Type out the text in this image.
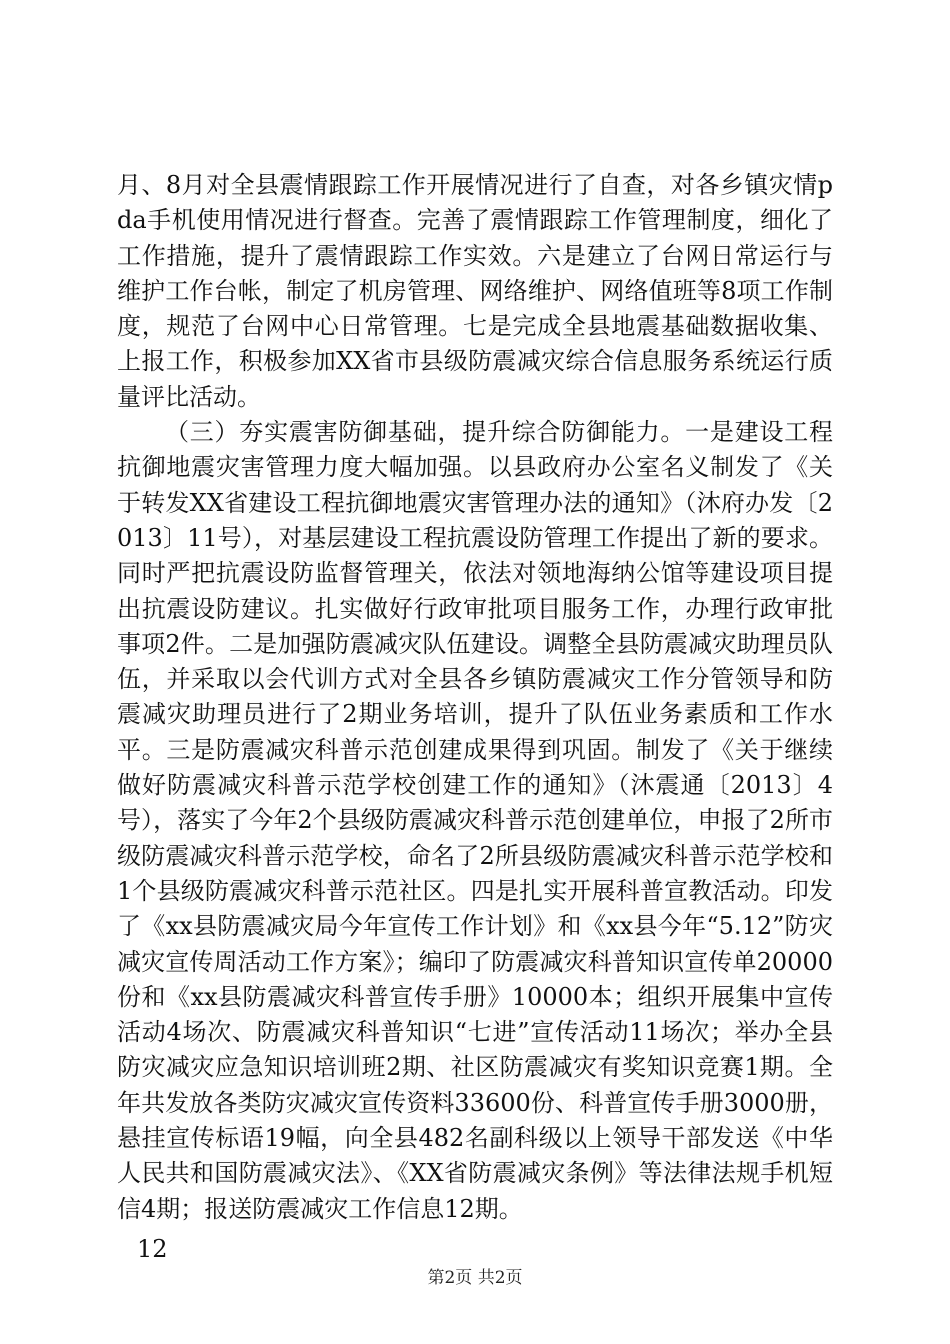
月、8月对全县震情跟踪工作开展情况进行了自查，对各乡镇灾情pda手机使用情况进行督查。完善了震情跟踪工作管理制度，细化了工作措施，提升了震情跟踪工作实效。六是建立了台网日常运行与维护工作台帐，制定了机房管理、网络维护、网络值班等8项工作制度，规范了台网中心日常管理。七是完成全县地震基础数据收集、上报工作，积极参加XX省市县级防震减灾综合信息服务系统运行质量评比活动。

（三）夯实震害防御基础，提升综合防御能力。一是建设工程抗御地震灾害管理力度大幅加强。以县政府办公室名义制发了《关于转发XX省建设工程抗御地震灾害管理办法的通知》（沐府办发〔2013〕11号），对基层建设工程抗震设防管理工作提出了新的要求。同时严把抗震设防监督管理关，依法对领地海纳公馆等建设项目提出抗震设防建议。扎实做好行政审批项目服务工作，办理行政审批事项2件。二是加强防震减灾队伍建设。调整全县防震减灾助理员队伍，并采取以会代训方式对全县各乡镇防震减灾工作分管领导和防震减灾助理员进行了2期业务培训，提升了队伍业务素质和工作水平。三是防震减灾科普示范创建成果得到巩固。制发了《关于继续做好防震减灾科普示范学校创建工作的通知》（沐震通〔2013〕4号），落实了今年2个县级防震减灾科普示范创建单位，申报了2所市级防震减灾科普示范学校，命名了2所县级防震减灾科普示范学校和1个县级防震减灾科普示范社区。四是扎实开展科普宣教活动。印发了《xx县防震减灾局今年宣传工作计划》和《xx县今年“5.12”防灾减灾宣传周活动工作方案》；编印了防震减灾科普知识宣传单20000份和《xx县防震减灾科普宣传手册》10000本；组织开展集中宣传活动4场次、防震减灾科普知识“七进”宣传活动11场次；举办全县防灾减灾应急知识培训班2期、社区防震减灾有奖知识竞赛1期。全年共发放各类防灾减灾宣传资料33600份、科普宣传手册3000册，悬挂宣传标语19幅，向全县482名副科级以上领导干部发送《中华人民共和国防震减灾法》、《XX省防震减灾条例》等法律法规手机短信4期；报送防震减灾工作信息12期。

12
第2页 共2页
